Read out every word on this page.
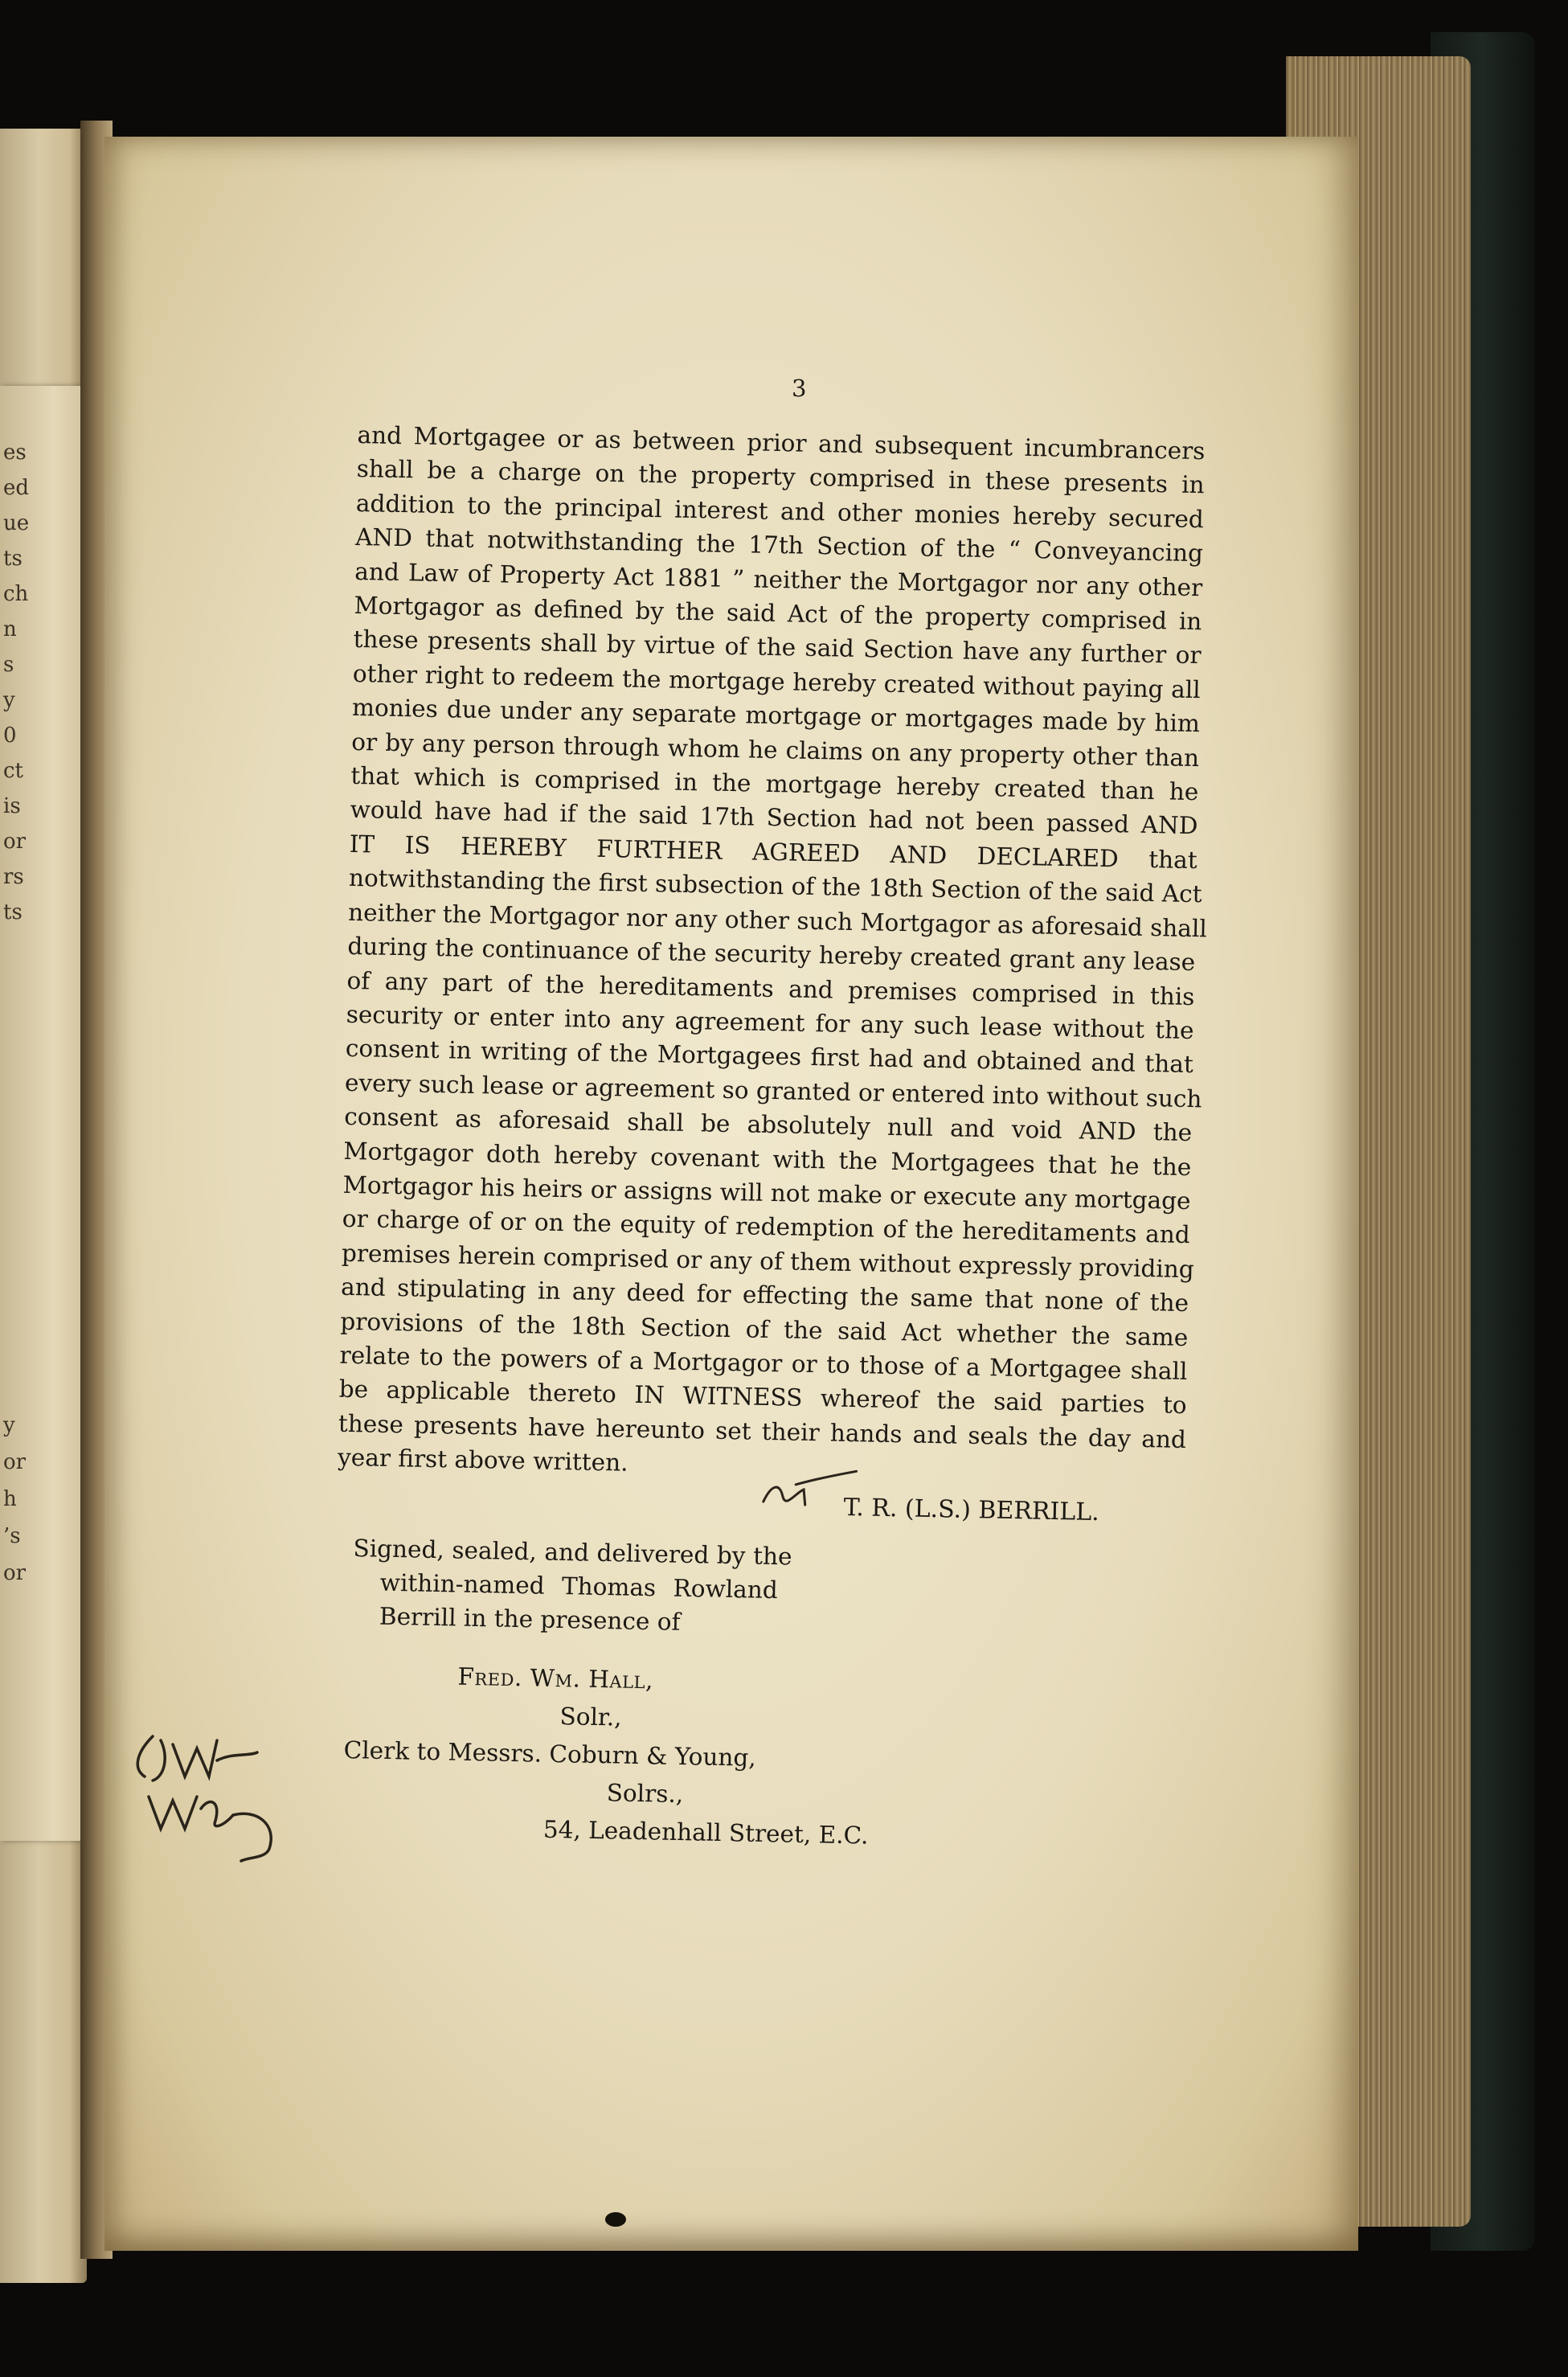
es
ed
ue
ts
ch
n
s
y
0
ct
is
or
rs
ts
y
or
h
’s
or
3
and Mortgagee or as between prior and subsequent incumbrancers
shall be a charge on the property comprised in these presents in
addition to the principal interest and other monies hereby secured
AND that notwithstanding the 17th Section of the “ Conveyancing
and Law of Property Act 1881 ” neither the Mortgagor nor any other
Mortgagor as defined by the said Act of the property comprised in
these presents shall by virtue of the said Section have any further or
other right to redeem the mortgage hereby created without paying all
monies due under any separate mortgage or mortgages made by him
or by any person through whom he claims on any property other than
that which is comprised in the mortgage hereby created than he
would have had if the said 17th Section had not been passed AND
IT IS HEREBY FURTHER AGREED AND DECLARED that
notwithstanding the first subsection of the 18th Section of the said Act
neither the Mortgagor nor any other such Mortgagor as aforesaid shall
during the continuance of the security hereby created grant any lease
of any part of the hereditaments and premises comprised in this
security or enter into any agreement for any such lease without the
consent in writing of the Mortgagees first had and obtained and that
every such lease or agreement so granted or entered into without such
consent as aforesaid shall be absolutely null and void AND the
Mortgagor doth hereby covenant with the Mortgagees that he the
Mortgagor his heirs or assigns will not make or execute any mortgage
or charge of or on the equity of redemption of the hereditaments and
premises herein comprised or any of them without expressly providing
and stipulating in any deed for effecting the same that none of the
provisions of the 18th Section of the said Act whether the same
relate to the powers of a Mortgagor or to those of a Mortgagee shall
be applicable thereto IN WITNESS whereof the said parties to
these presents have hereunto set their hands and seals the day and
year first above written.
T. R. (L.S.) BERRILL.
Signed, sealed, and delivered by the
within-named Thomas Rowland
Berrill in the presence of
Fred. Wm. Hall,
Solr.,
Clerk to Messrs. Coburn & Young,
Solrs.,
54, Leadenhall Street, E.C.
